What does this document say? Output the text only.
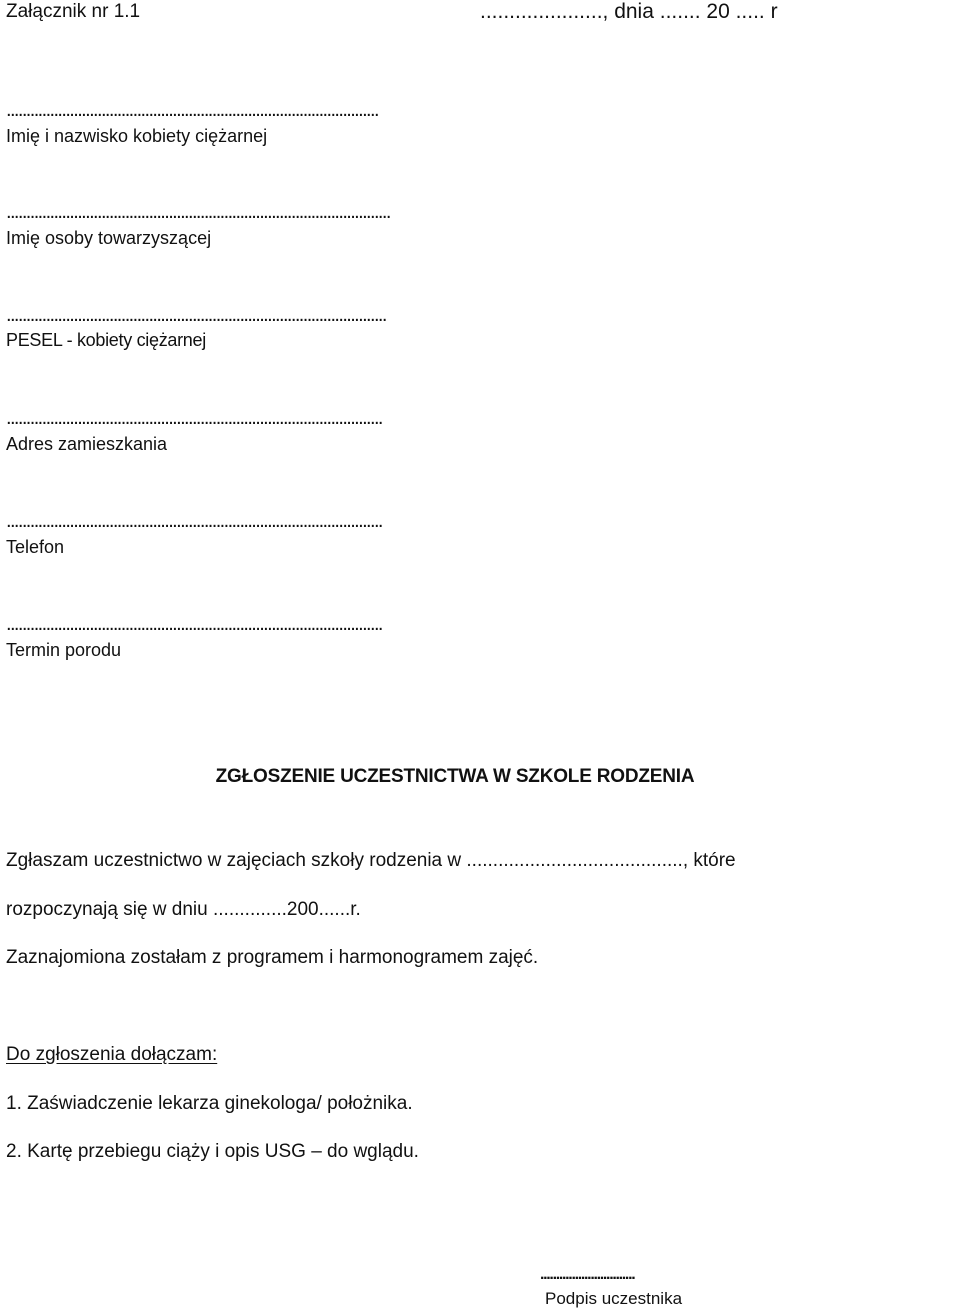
Załącznik nr 1.1	....................., dnia ....... 20 ..... r
..............................................................................................
Imię i nazwisko kobiety ciężarnej
.................................................................................................
Imię osoby towarzyszącej
................................................................................................
PESEL - kobiety ciężarnej
...............................................................................................
Adres zamieszkania
...............................................................................................
Telefon
...............................................................................................
Termin porodu
ZGŁOSZENIE UCZESTNICTWA W SZKOLE RODZENIA
Zgłaszam uczestnictwo w zajęciach szkoły rodzenia w ........................................., które
rozpoczynają się w dniu ..............200......r.
Zaznajomiona zostałam z programem i harmonogramem zajęć.
Do zgłoszenia dołączam:
1. Zaświadczenie lekarza ginekologa/ położnika.
2. Kartę przebiegu ciąży i opis USG – do wglądu.
..............................
Podpis uczestnika
